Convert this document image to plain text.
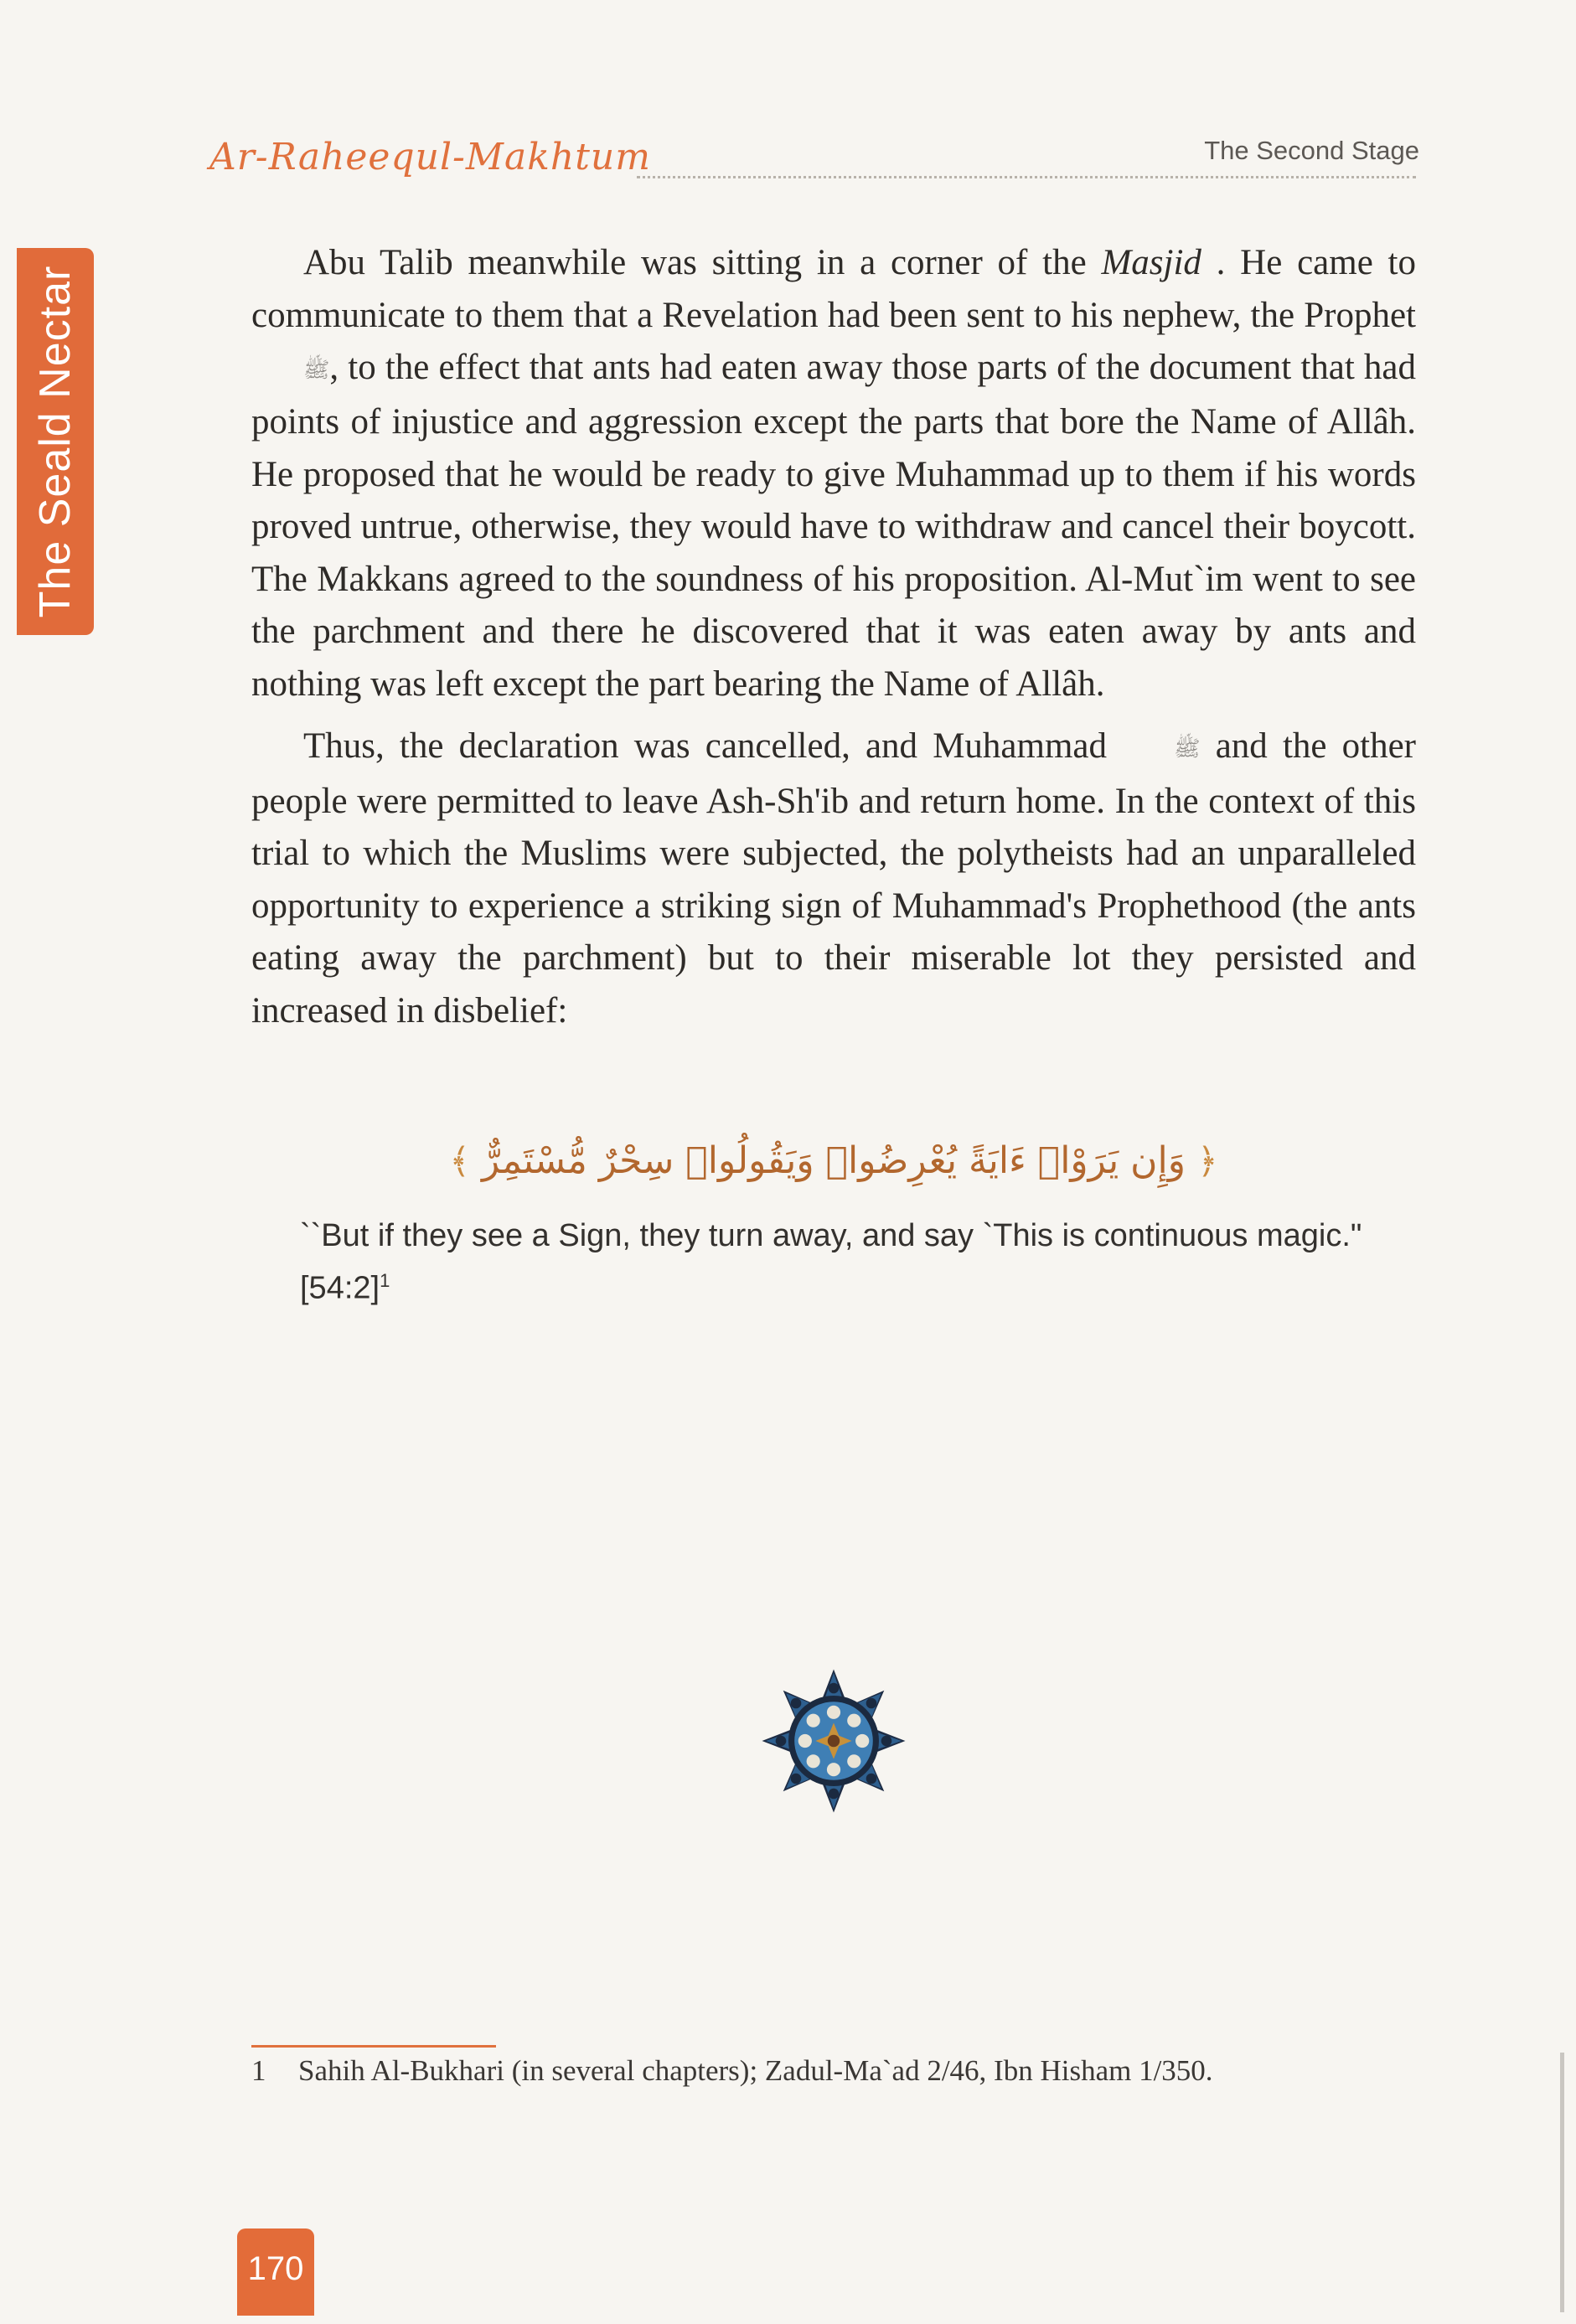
Ar-Raheequl-Makhtum	The Second Stage
The Seald Nectar

Abu Talib meanwhile was sitting in a corner of the Masjid . He came to communicate to them that a Revelation had been sent to his nephew, the Prophet ﷺ, to the effect that ants had eaten away those parts of the document that had points of injustice and aggression except the parts that bore the Name of Allâh. He proposed that he would be ready to give Muhammad up to them if his words proved untrue, otherwise, they would have to withdraw and cancel their boycott. The Makkans agreed to the soundness of his proposition. Al-Mut`im went to see the parchment and there he discovered that it was eaten away by ants and nothing was left except the part bearing the Name of Allâh.

Thus, the declaration was cancelled, and Muhammad ﷺ and the other people were permitted to leave Ash-Sh'ib and return home. In the context of this trial to which the Muslims were subjected, the polytheists had an unparalleled opportunity to experience a striking sign of Muhammad's Prophethood (the ants eating away the parchment) but to their miserable lot they persisted and increased in disbelief:

﴿ وَإِن يَرَوْا۟ ءَايَةً يُعْرِضُوا۟ وَيَقُولُوا۟ سِحْرٌ مُّسْتَمِرٌّ ﴾
``But if they see a Sign, they turn away, and say `This is continuous magic." [54:2]$^1$
1 Sahih Al-Bukhari (in several chapters); Zadul-Ma`ad 2/46, Ibn Hisham 1/350.
170
